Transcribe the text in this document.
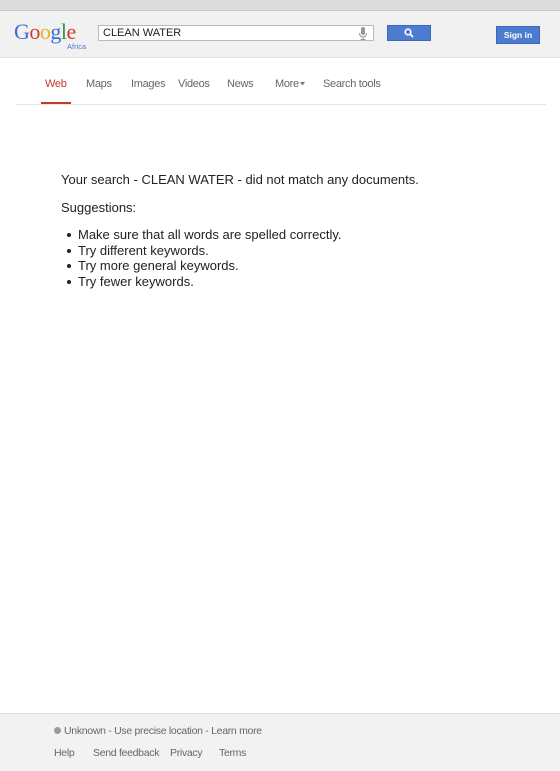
Google
Africa
CLEAN WATER
Sign in
Web Maps Images Videos News More	Search tools

Your search - CLEAN WATER - did not match any documents.

Suggestions:

Make sure that all words are spelled correctly.
Try different keywords.
Try more general keywords.
Try fewer keywords.
Unknown - Use precise location - Learn more
Help Send feedback Privacy Terms
